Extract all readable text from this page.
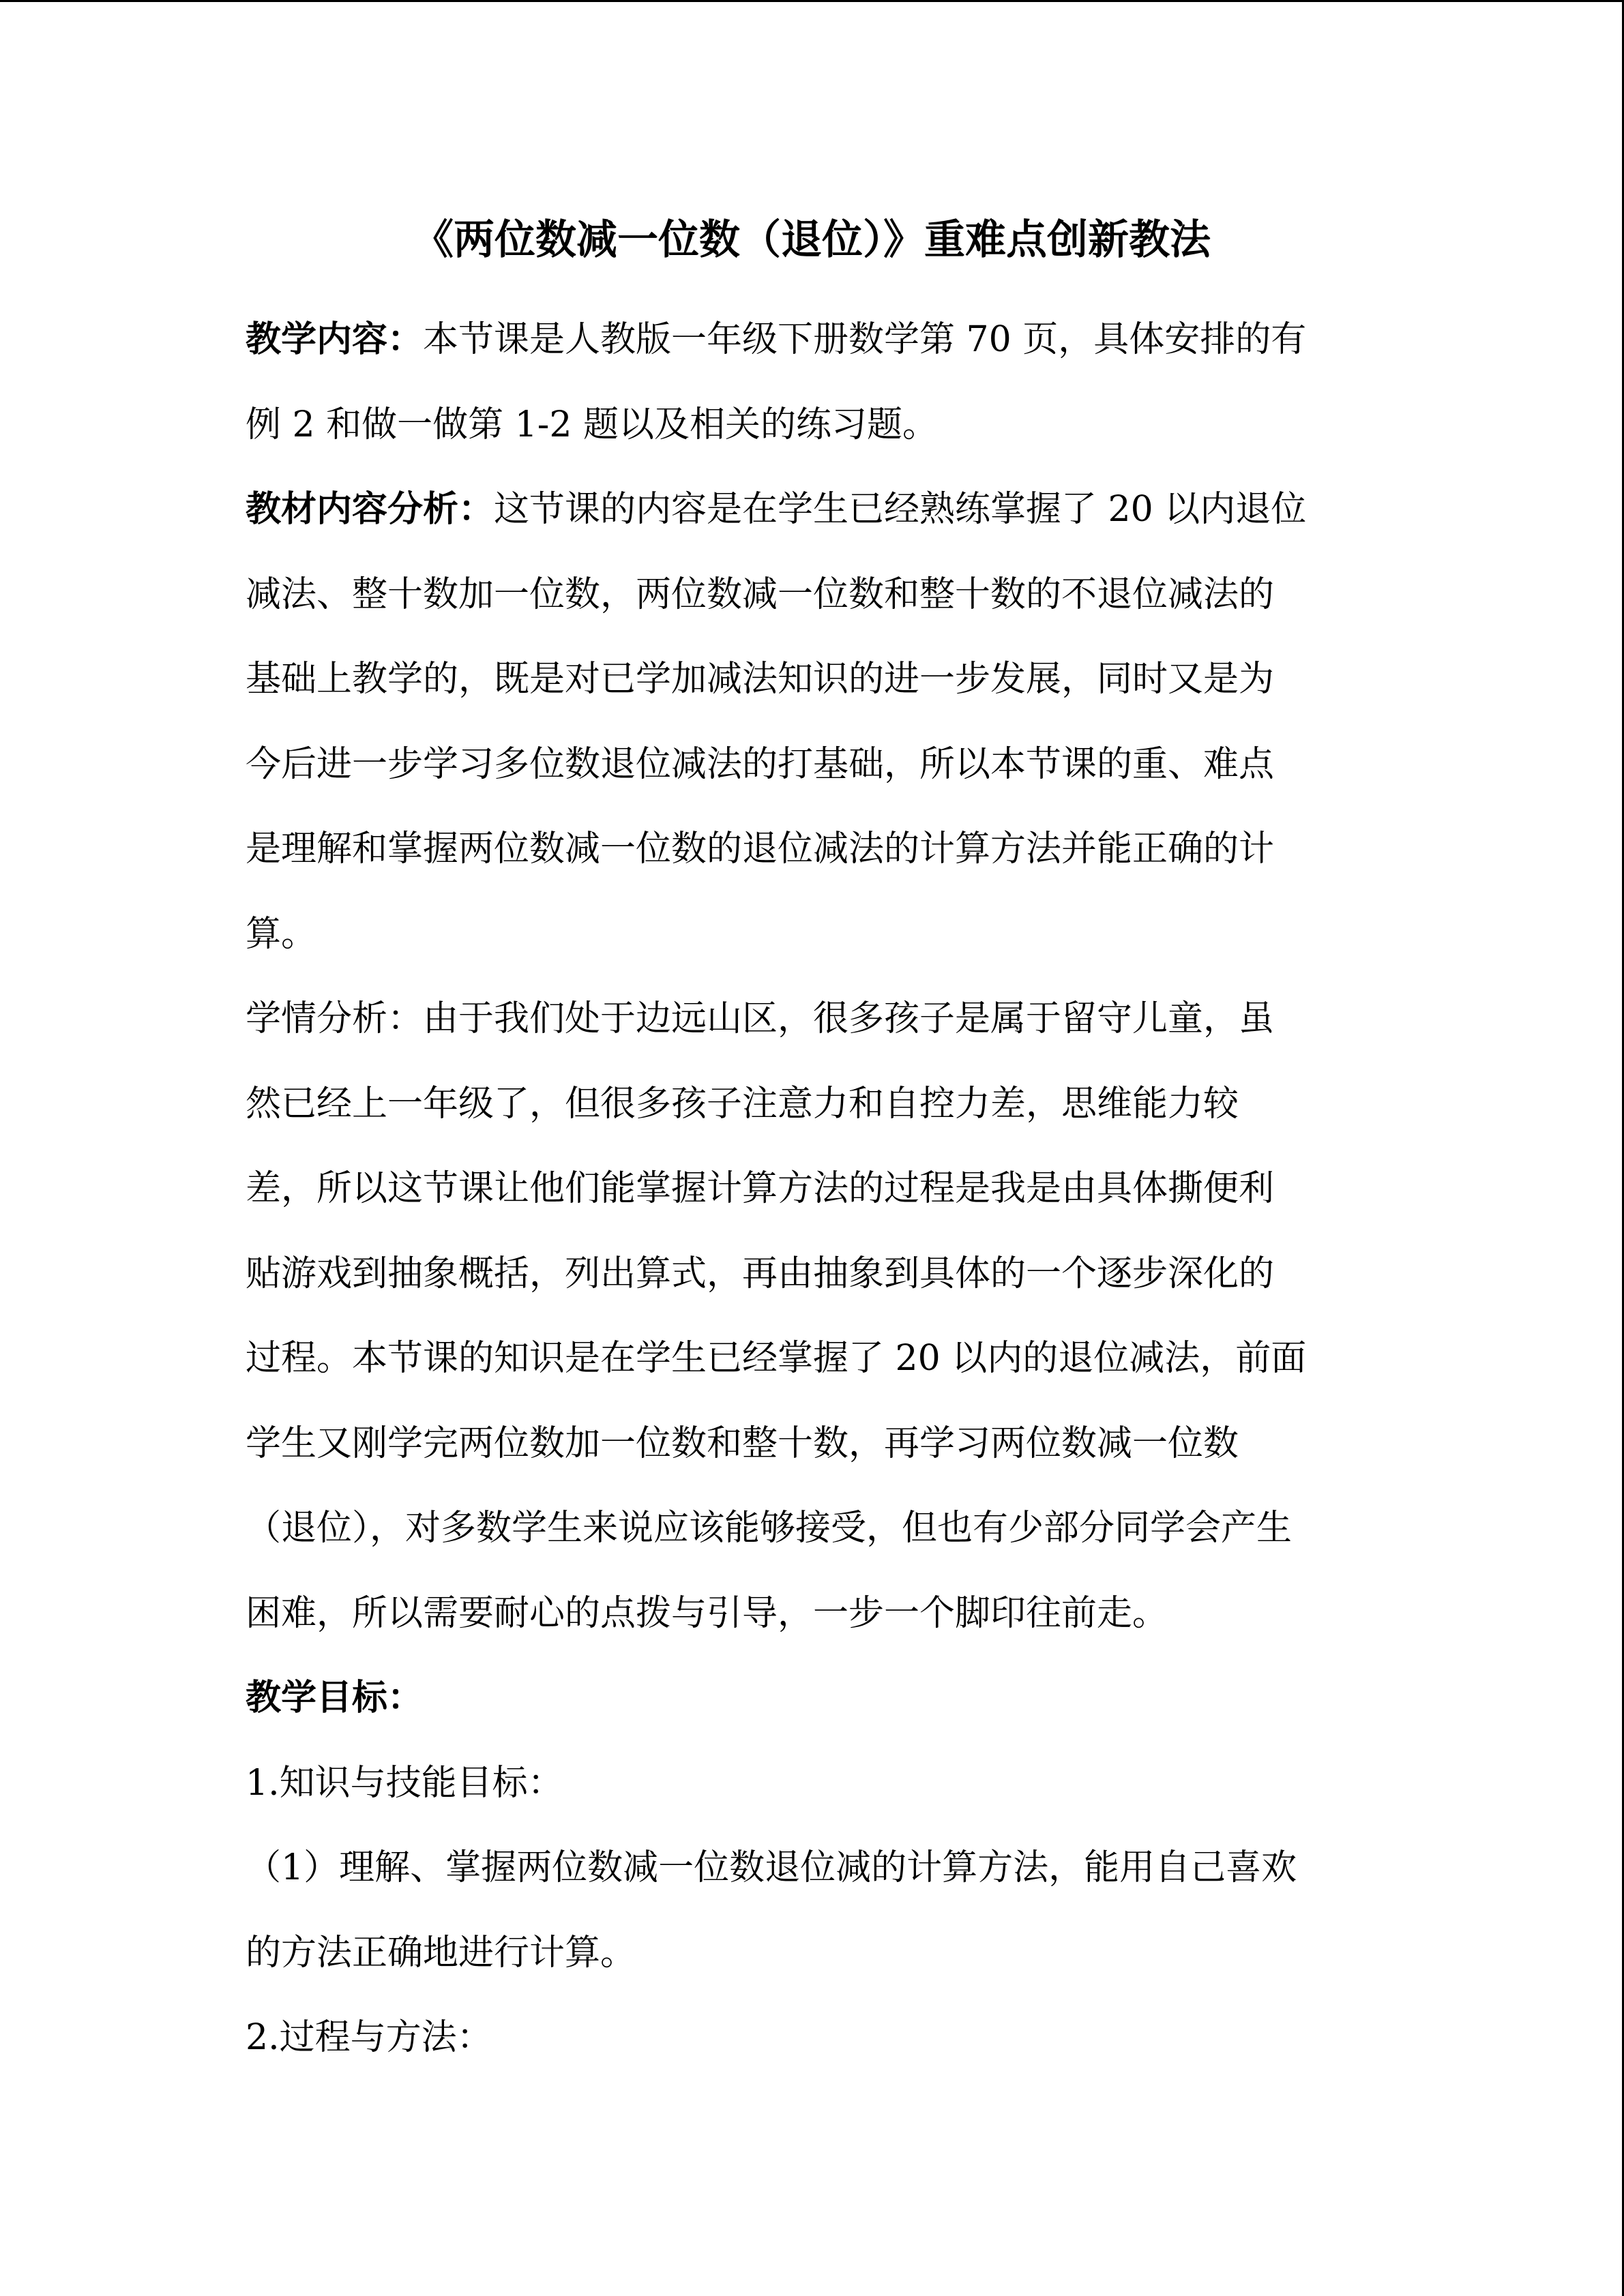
《两位数减一位数（退位）》重难点创新教法
教学内容：本节课是人教版一年级下册数学第 70 页，具体安排的有
例 2 和做一做第 1-2 题以及相关的练习题。
教材内容分析：这节课的内容是在学生已经熟练掌握了 20 以内退位
减法、整十数加一位数，两位数减一位数和整十数的不退位减法的
基础上教学的，既是对已学加减法知识的进一步发展，同时又是为
今后进一步学习多位数退位减法的打基础，所以本节课的重、难点
是理解和掌握两位数减一位数的退位减法的计算方法并能正确的计
算。
学情分析：由于我们处于边远山区，很多孩子是属于留守儿童，虽
然已经上一年级了，但很多孩子注意力和自控力差，思维能力较
差，所以这节课让他们能掌握计算方法的过程是我是由具体撕便利
贴游戏到抽象概括，列出算式，再由抽象到具体的一个逐步深化的
过程。本节课的知识是在学生已经掌握了 20 以内的退位减法，前面
学生又刚学完两位数加一位数和整十数，再学习两位数减一位数
（退位），对多数学生来说应该能够接受，但也有少部分同学会产生
困难，所以需要耐心的点拨与引导，一步一个脚印往前走。
教学目标：
1.知识与技能目标：
（1）理解、掌握两位数减一位数退位减的计算方法，能用自己喜欢
的方法正确地进行计算。
2.过程与方法：
